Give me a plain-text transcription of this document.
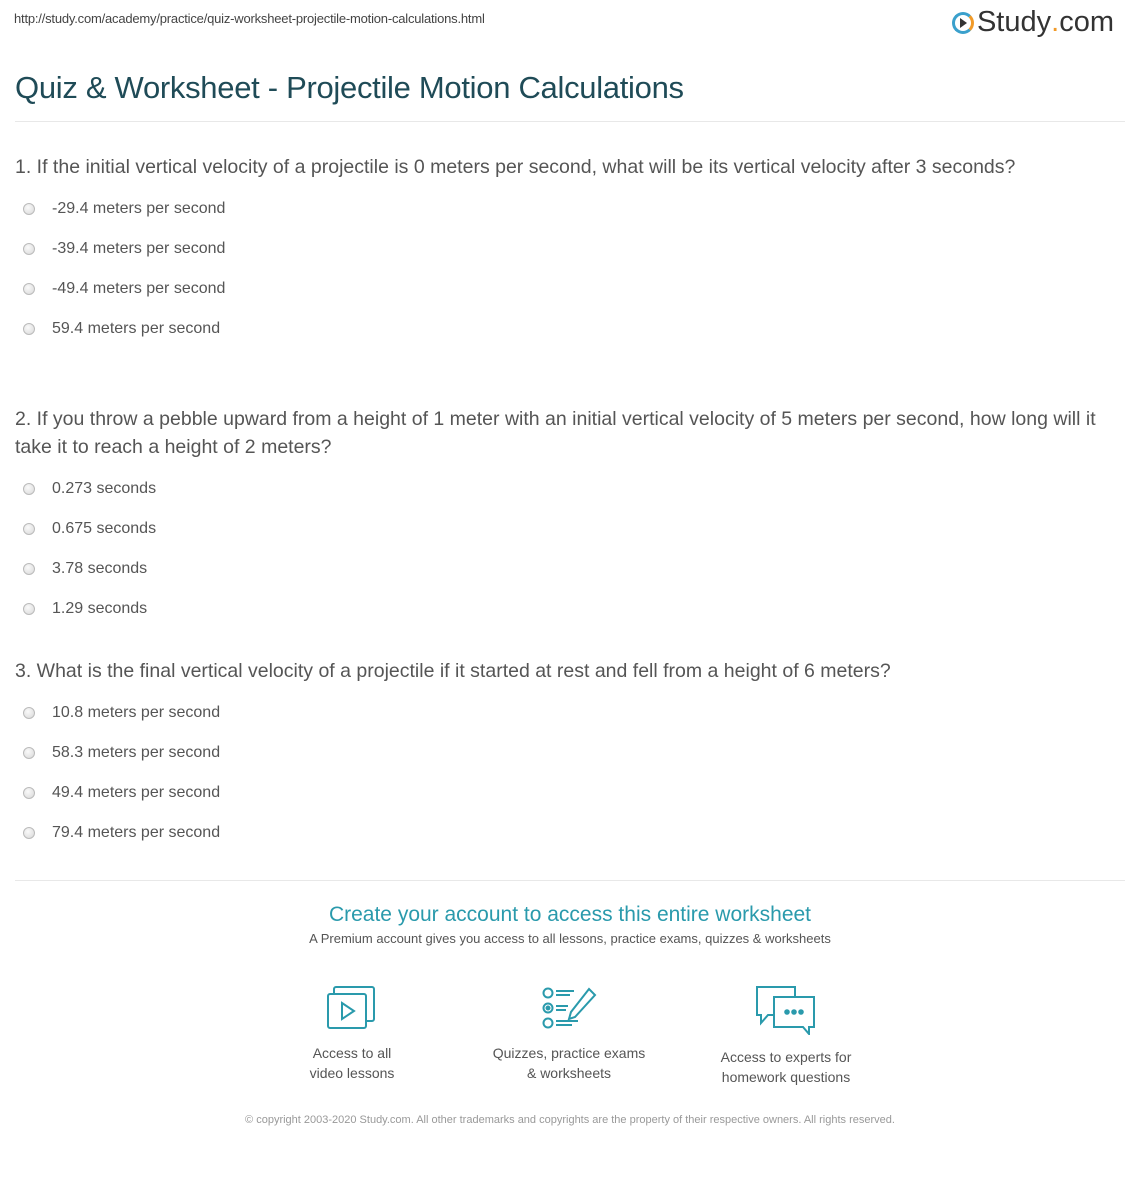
http://study.com/academy/practice/quiz-worksheet-projectile-motion-calculations.html	Study . com
Quiz & Worksheet - Projectile Motion Calculations

1. If the initial vertical velocity of a projectile is 0 meters per second, what will be its vertical velocity after 3 seconds?

-29.4 meters per second
-39.4 meters per second
-49.4 meters per second
59.4 meters per second

2. If you throw a pebble upward from a height of 1 meter with an initial vertical velocity of 5 meters per second, how long will it take it to reach a height of 2 meters?

0.273 seconds
0.675 seconds
3.78 seconds
1.29 seconds

3. What is the final vertical velocity of a projectile if it started at rest and fell from a height of 6 meters?

10.8 meters per second
58.3 meters per second
49.4 meters per second
79.4 meters per second
Create your account to access this entire worksheet

A Premium account gives you access to all lessons, practice exams, quizzes & worksheets

Access to all
video lessons
Quizzes, practice exams
& worksheets
Access to experts for
homework questions
© copyright 2003-2020 Study.com. All other trademarks and copyrights are the property of their respective owners. All rights reserved.
